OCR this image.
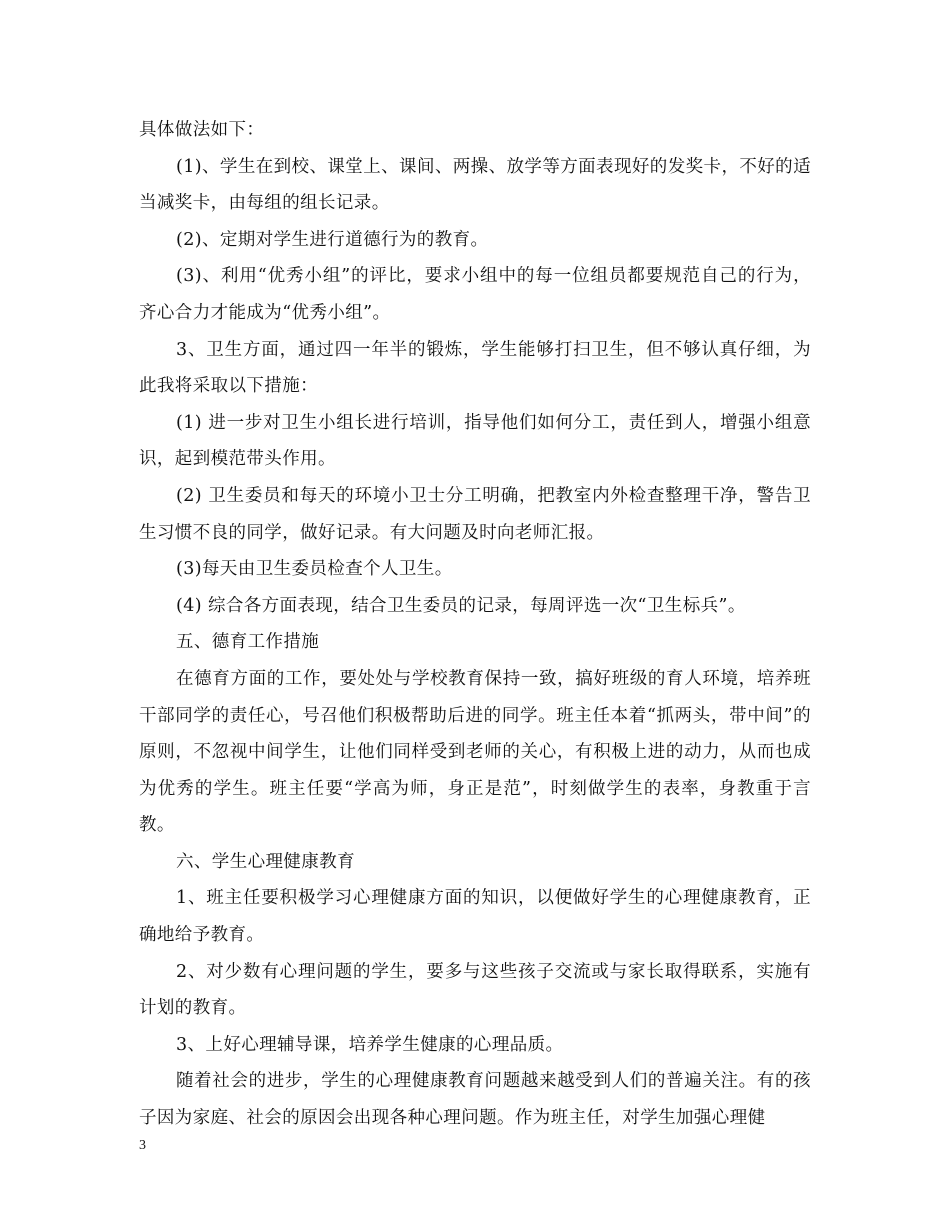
具体做法如下：

(1)、学生在到校、课堂上、课间、两操、放学等方面表现好的发奖卡，不好的适当减奖卡，由每组的组长记录。

(2)、定期对学生进行道德行为的教育。

(3)、利用“优秀小组”的评比，要求小组中的每一位组员都要规范自己的行为，齐心合力才能成为“优秀小组”。

3、卫生方面，通过四一年半的锻炼，学生能够打扫卫生，但不够认真仔细，为此我将采取以下措施：

(1) 进一步对卫生小组长进行培训，指导他们如何分工，责任到人，增强小组意识，起到模范带头作用。

(2) 卫生委员和每天的环境小卫士分工明确，把教室内外检查整理干净，警告卫生习惯不良的同学，做好记录。有大问题及时向老师汇报。

(3)每天由卫生委员检查个人卫生。

(4) 综合各方面表现，结合卫生委员的记录，每周评选一次“卫生标兵”。

五、德育工作措施

在德育方面的工作，要处处与学校教育保持一致，搞好班级的育人环境，培养班干部同学的责任心，号召他们积极帮助后进的同学。班主任本着“抓两头，带中间”的原则，不忽视中间学生，让他们同样受到老师的关心，有积极上进的动力，从而也成为优秀的学生。班主任要“学高为师，身正是范”，时刻做学生的表率，身教重于言教。

六、学生心理健康教育

1、班主任要积极学习心理健康方面的知识，以便做好学生的心理健康教育，正确地给予教育。

2、对少数有心理问题的学生，要多与这些孩子交流或与家长取得联系，实施有计划的教育。

3、上好心理辅导课，培养学生健康的心理品质。

随着社会的进步，学生的心理健康教育问题越来越受到人们的普遍关注。有的孩子因为家庭、社会的原因会出现各种心理问题。作为班主任，对学生加强心理健

3
